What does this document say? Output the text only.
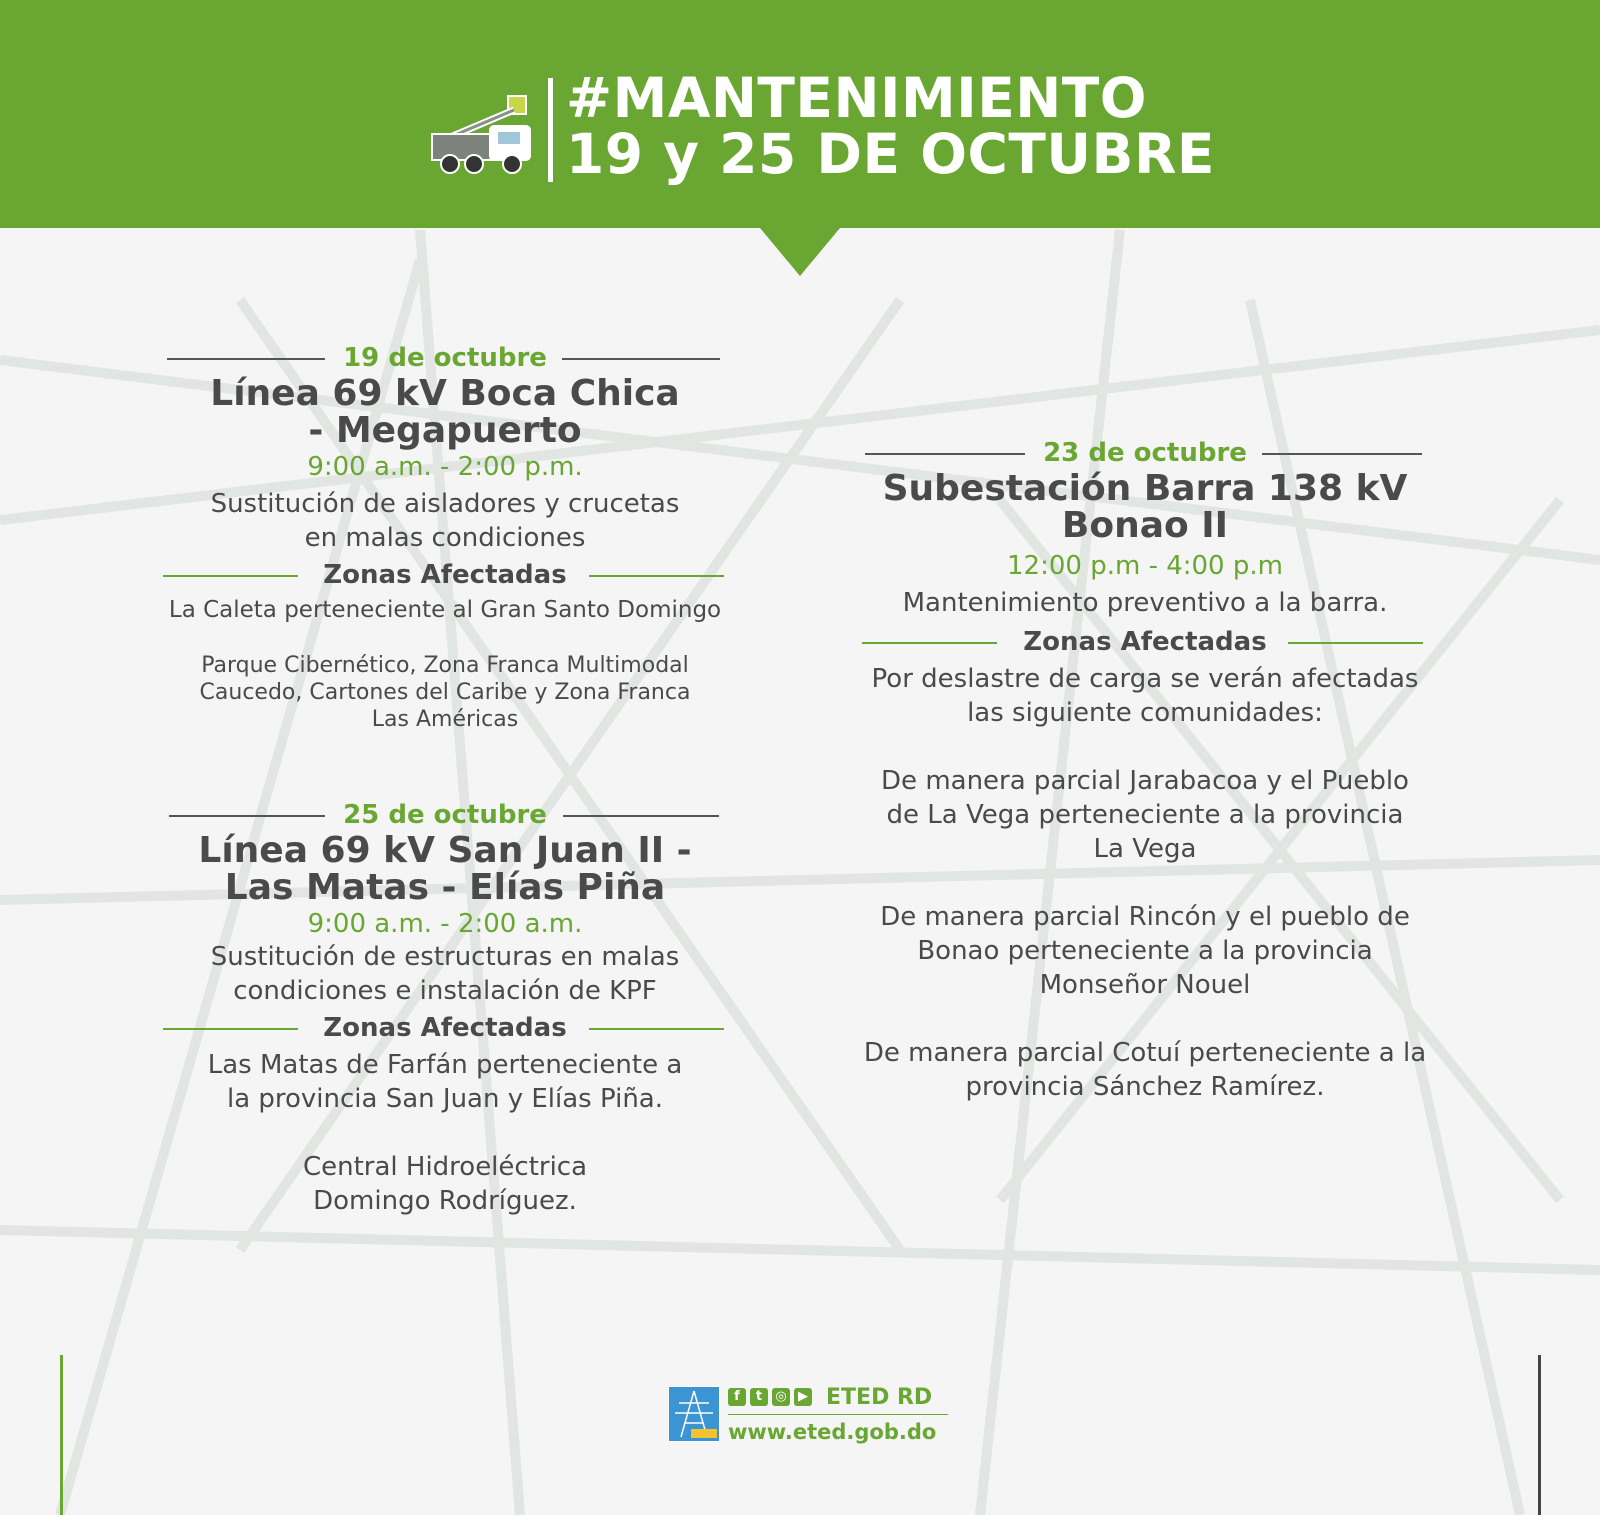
#MANTENIMIENTO
19 y 25 DE OCTUBRE
19 de octubre
Línea 69 kV Boca Chica
- Megapuerto
9:00 a.m. - 2:00 p.m.
Sustitución de aisladores y crucetas
en malas condiciones
Zonas Afectadas
La Caleta perteneciente al Gran Santo Domingo
Parque Cibernético, Zona Franca Multimodal
Caucedo, Cartones del Caribe y Zona Franca
Las Américas
25 de octubre
Línea 69 kV San Juan II -
Las Matas - Elías Piña
9:00 a.m. - 2:00 a.m.
Sustitución de estructuras en malas
condiciones e instalación de KPF
Zonas Afectadas
Las Matas de Farfán perteneciente a
la provincia San Juan y Elías Piña.
Central Hidroeléctrica
Domingo Rodríguez.
23 de octubre
Subestación Barra 138 kV
Bonao II
12:00 p.m - 4:00 p.m
Mantenimiento preventivo a la barra.
Zonas Afectadas
Por deslastre de carga se verán afectadas
las siguiente comunidades:
De manera parcial Jarabacoa y el Pueblo
de La Vega perteneciente a la provincia
La Vega
De manera parcial Rincón y el pueblo de
Bonao perteneciente a la provincia
Monseñor Nouel
De manera parcial Cotuí perteneciente a la
provincia Sánchez Ramírez.
f	t	◎ ▶ ETED RD
www.eted.gob.do
